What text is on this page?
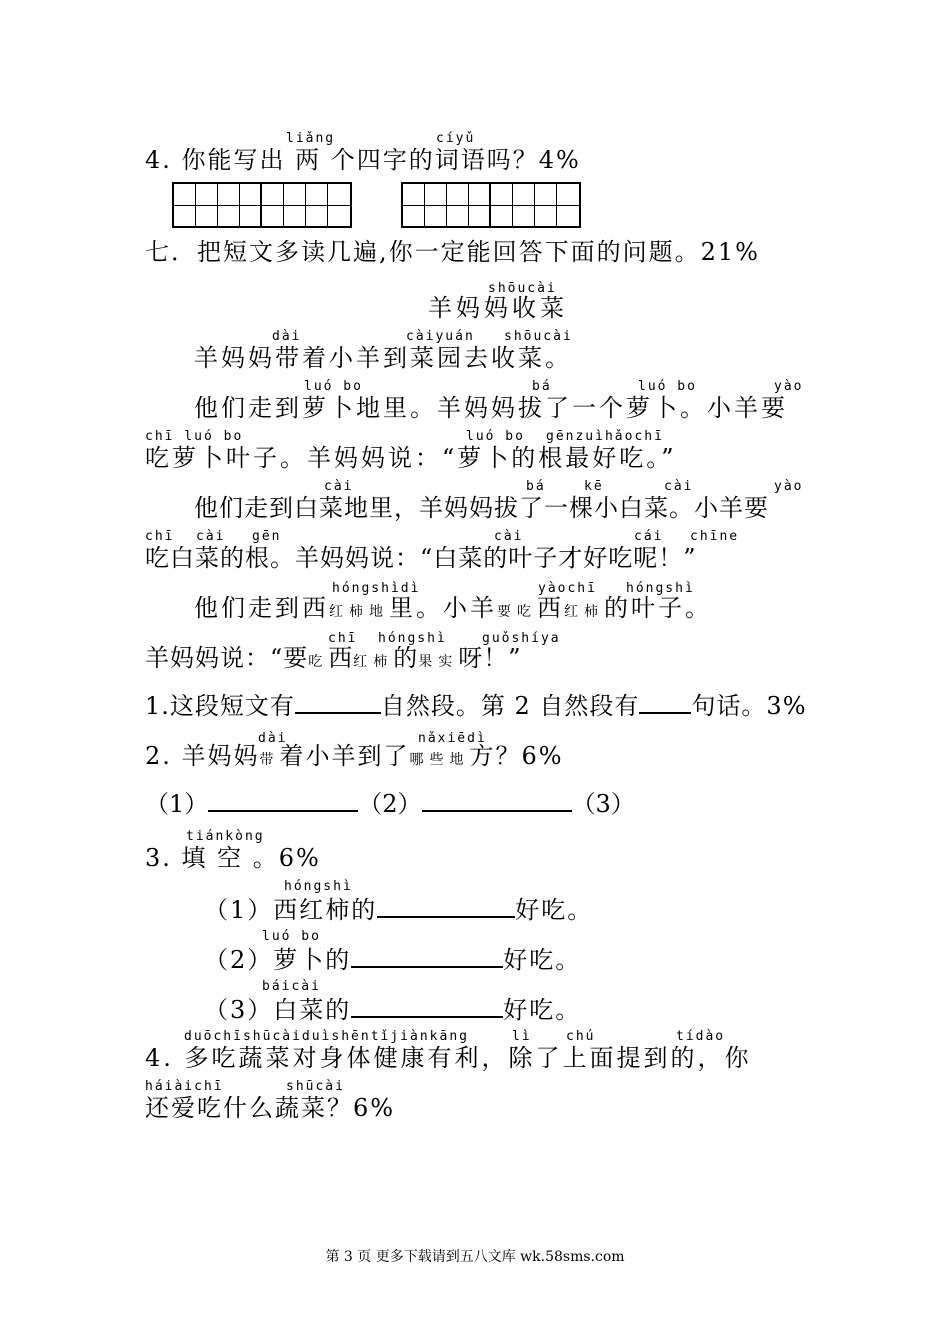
liǎng	cíyǔ
4. 你能写出 两 个四字的词语吗？4%
七．把短文多读几遍,你一定能回答下面的问题。21%
shōucài
羊妈妈收菜
dài	càiyuán shōucài
羊妈妈带着小羊到菜园去收菜。
luó bo	bá	luó bo	yào
他们走到萝卜地里。羊妈妈拔了一个萝卜。小羊要
chī luó bo	luó bo gēnzuìhǎochī
吃萝卜叶子。羊妈妈说：“萝卜的根最好吃。”
cài	bá	kē	cài	yào
他们走到白菜地里，羊妈妈拔了一棵小白菜。小羊要
chī cài gēn	cài	cái chīne
吃白菜的根。羊妈妈说：“白菜的叶子才好吃呢！”
hóngshìdì	yàochī hóngshì
他们走到西红柿地里。小羊要吃西红柿的叶子。
chī hóngshì	guǒshíya
羊妈妈说：“要吃西红柿的果实呀！”
1.这段短文有	自然段。第 2 自然段有 句话。3%
dài	nǎxiēdì
2. 羊妈妈带着小羊到了哪些地方？6%
（1）	（2）	（3）
tiánkòng
3. 填 空 。6%
hóngshì
（1）西红柿的	好吃。
luó bo
（2）萝卜的	好吃。
báicài
（3）白菜的	好吃。
duōchīshūcàiduìshēntǐjiànkāng	lì	chú	tídào
4. 多吃蔬菜对身体健康有利，除了上面提到的，你
háiàichī	shūcài
还爱吃什么蔬菜？6%
第 3 页 更多下载请到五八文库 wk.58sms.com
